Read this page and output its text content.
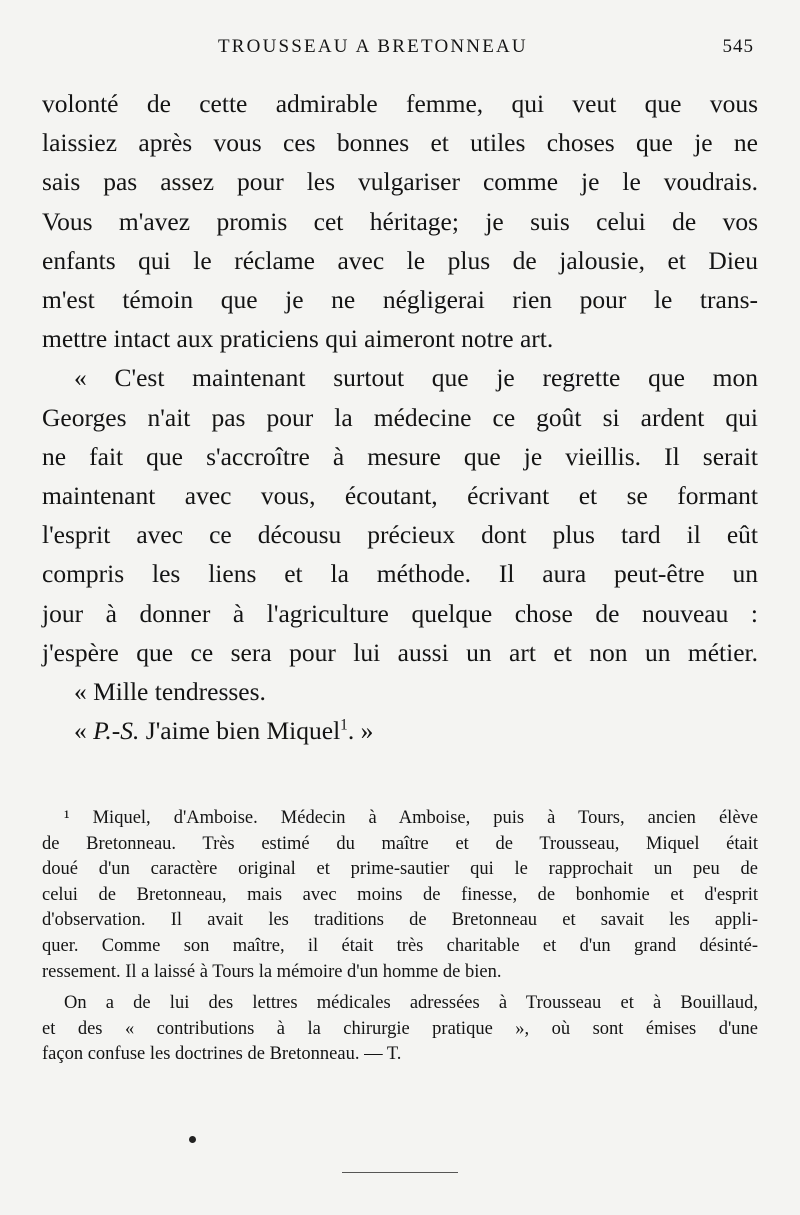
TROUSSEAU A BRETONNEAU	545
volonté de cette admirable femme, qui veut que vous
laissiez après vous ces bonnes et utiles choses que je ne
sais pas assez pour les vulgariser comme je le voudrais.
Vous m'avez promis cet héritage; je suis celui de vos
enfants qui le réclame avec le plus de jalousie, et Dieu
m'est témoin que je ne négligerai rien pour le trans-
mettre intact aux praticiens qui aimeront notre art.
« C'est maintenant surtout que je regrette que mon
Georges n'ait pas pour la médecine ce goût si ardent qui
ne fait que s'accroître à mesure que je vieillis. Il serait
maintenant avec vous, écoutant, écrivant et se formant
l'esprit avec ce décousu précieux dont plus tard il eût
compris les liens et la méthode. Il aura peut-être un
jour à donner à l'agriculture quelque chose de nouveau :
j'espère que ce sera pour lui aussi un art et non un métier.
« Mille tendresses.
« P.-S. J'aime bien Miquel$^1$. »
¹ Miquel, d'Amboise. Médecin à Amboise, puis à Tours, ancien élève
de Bretonneau. Très estimé du maître et de Trousseau, Miquel était
doué d'un caractère original et prime-sautier qui le rapprochait un peu de
celui de Bretonneau, mais avec moins de finesse, de bonhomie et d'esprit
d'observation. Il avait les traditions de Bretonneau et savait les appli-
quer. Comme son maître, il était très charitable et d'un grand désinté-
ressement. Il a laissé à Tours la mémoire d'un homme de bien.
On a de lui des lettres médicales adressées à Trousseau et à Bouillaud,
et des « contributions à la chirurgie pratique », où sont émises d'une
façon confuse les doctrines de Bretonneau. — T.
